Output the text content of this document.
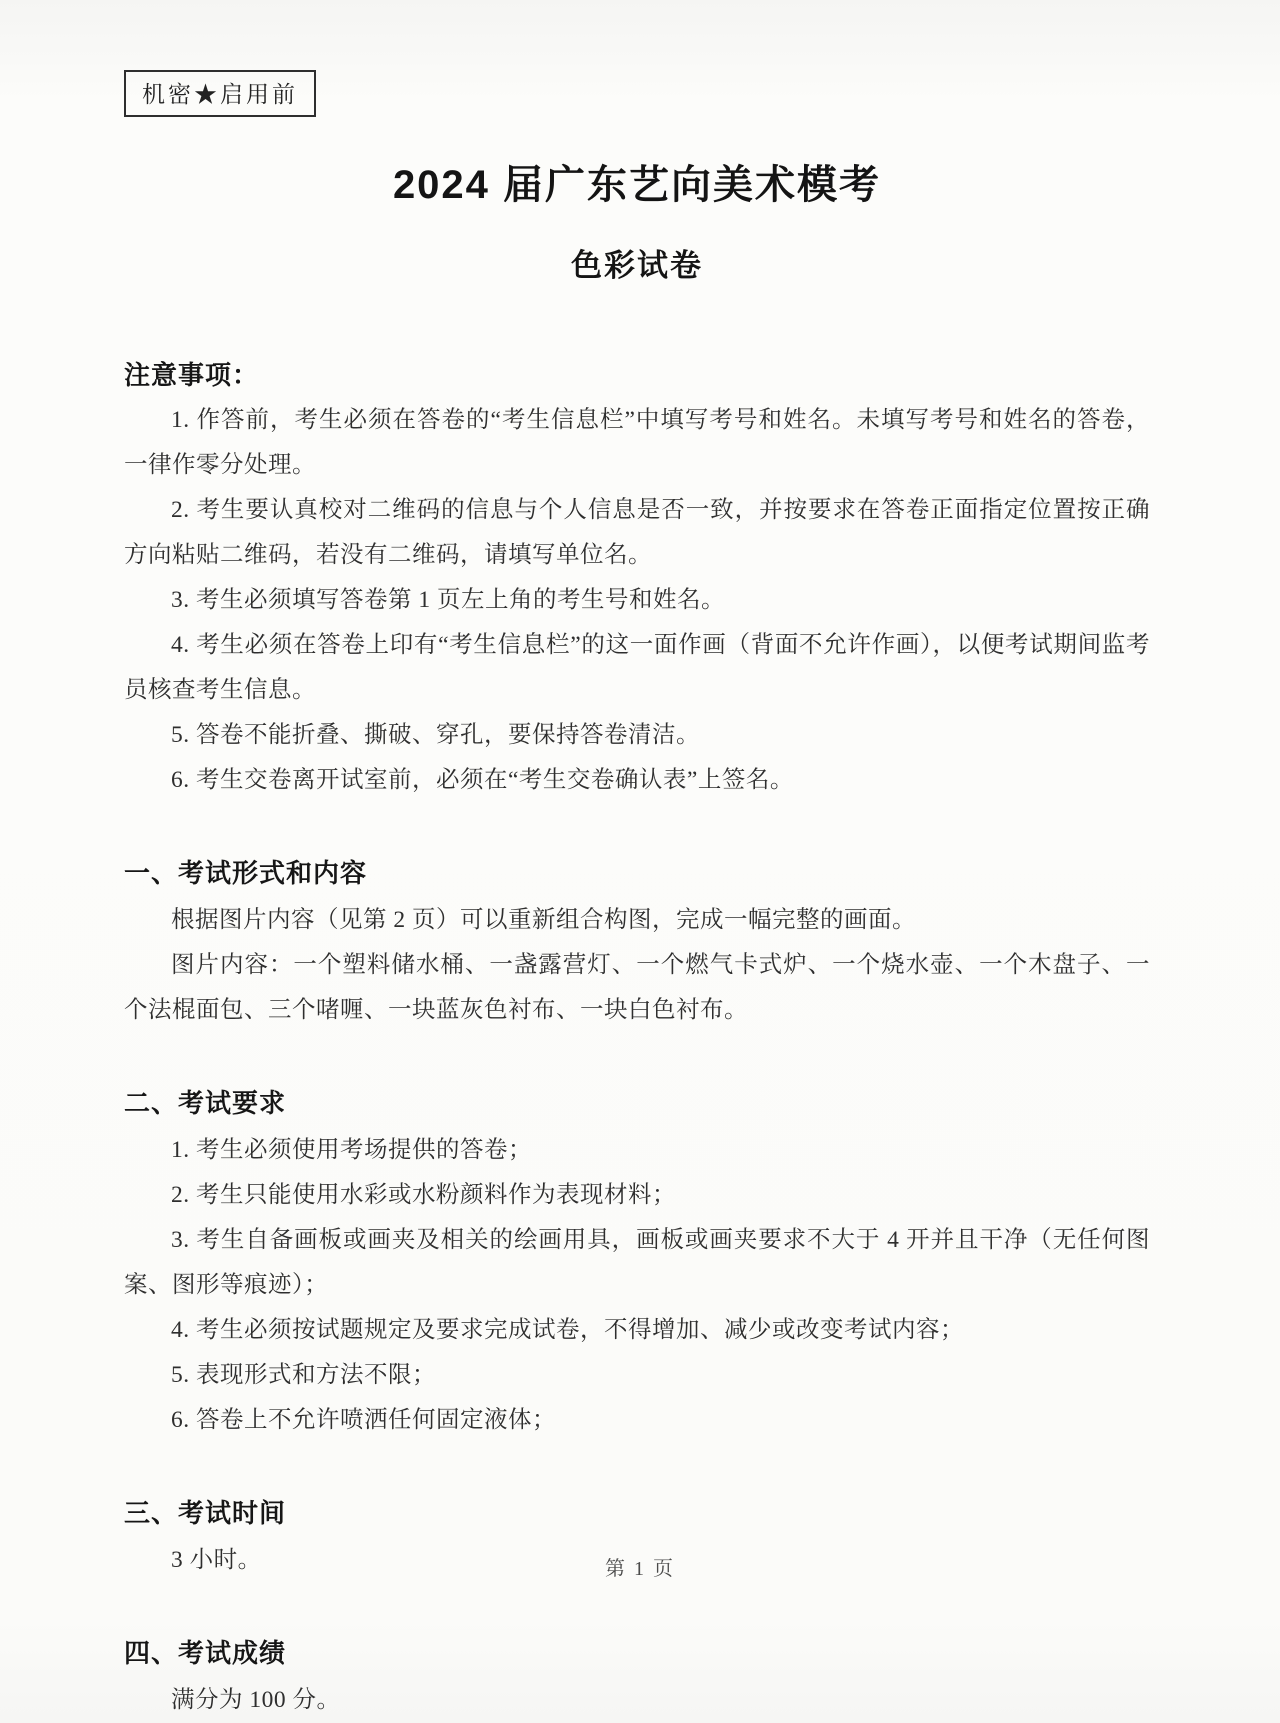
机密★启用前
2024 届广东艺向美术模考
色彩试卷
注意事项：

1. 作答前，考生必须在答卷的“考生信息栏”中填写考号和姓名。未填写考号和姓名的答卷，一律作零分处理。

2. 考生要认真校对二维码的信息与个人信息是否一致，并按要求在答卷正面指定位置按正确方向粘贴二维码，若没有二维码，请填写单位名。

3. 考生必须填写答卷第 1 页左上角的考生号和姓名。

4. 考生必须在答卷上印有“考生信息栏”的这一面作画（背面不允许作画），以便考试期间监考员核查考生信息。

5. 答卷不能折叠、撕破、穿孔，要保持答卷清洁。

6. 考生交卷离开试室前，必须在“考生交卷确认表”上签名。

一、考试形式和内容

根据图片内容（见第 2 页）可以重新组合构图，完成一幅完整的画面。

图片内容：一个塑料储水桶、一盏露营灯、一个燃气卡式炉、一个烧水壶、一个木盘子、一个法棍面包、三个啫喱、一块蓝灰色衬布、一块白色衬布。

二、考试要求

1. 考生必须使用考场提供的答卷；

2. 考生只能使用水彩或水粉颜料作为表现材料；

3. 考生自备画板或画夹及相关的绘画用具，画板或画夹要求不大于 4 开并且干净（无任何图案、图形等痕迹）；

4. 考生必须按试题规定及要求完成试卷，不得增加、减少或改变考试内容；

5. 表现形式和方法不限；

6. 答卷上不允许喷洒任何固定液体；

三、考试时间

3 小时。

四、考试成绩

满分为 100 分。

第 1 页
